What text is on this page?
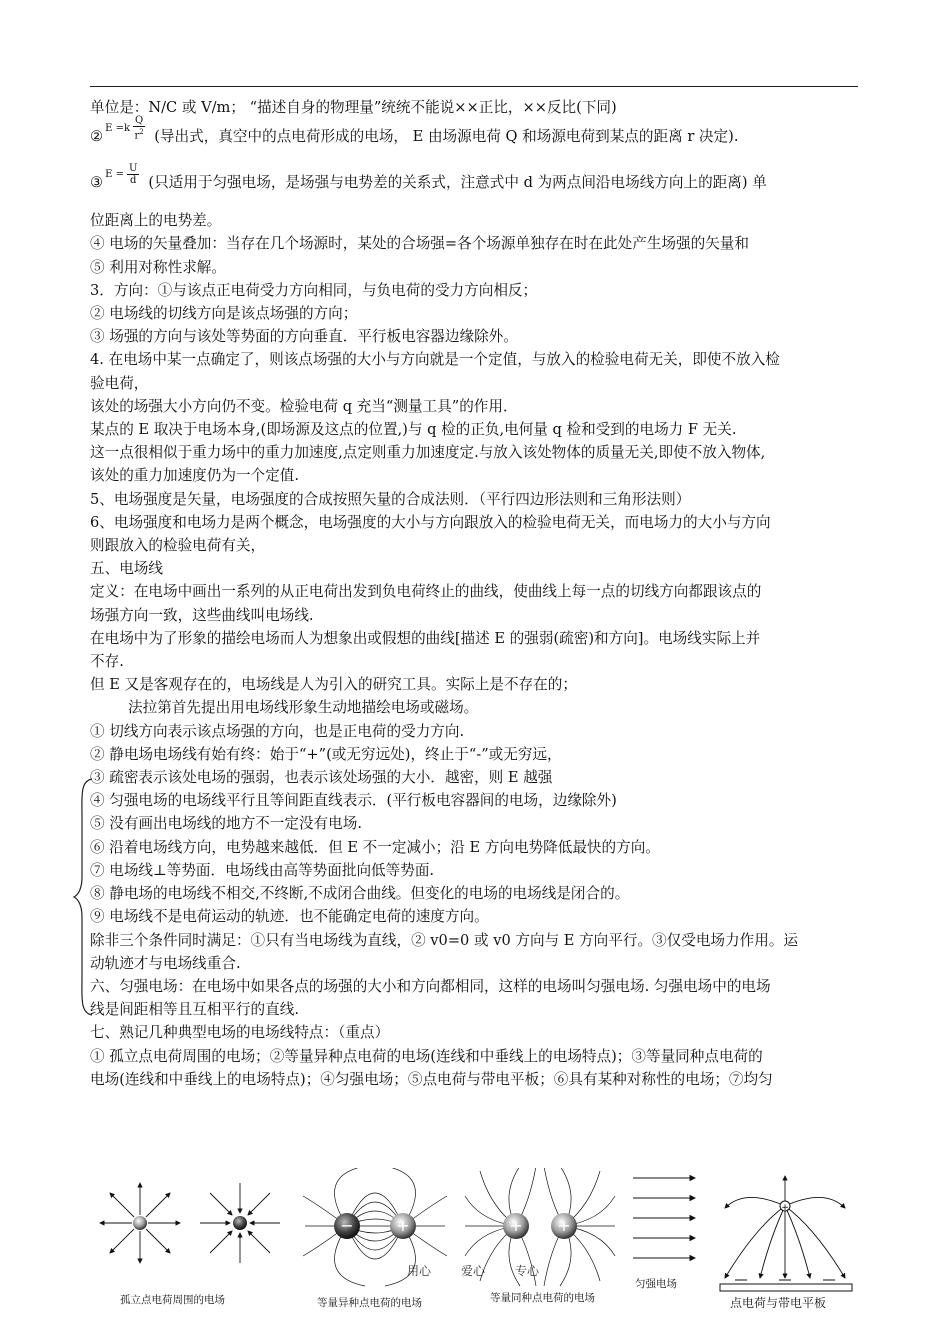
单位是：N/C 或 V/m； “描述自身的物理量”统统不能说××正比，××反比(下同)
② $E =k \frac{Q}{r^2}$ (导出式，真空中的点电荷形成的电场， E 由场源电荷 Q 和场源电荷到某点的距离 r 决定).
③ $E = \frac{U}{d}$ (只适用于匀强电场，是场强与电势差的关系式，注意式中 d 为两点间沿电场线方向上的距离) 单
位距离上的电势差。
④ 电场的矢量叠加：当存在几个场源时，某处的合场强=各个场源单独存在时在此处产生场强的矢量和
⑤ 利用对称性求解。
3．方向：①与该点正电荷受力方向相同，与负电荷的受力方向相反；
② 电场线的切线方向是该点场强的方向；
③ 场强的方向与该处等势面的方向垂直．平行板电容器边缘除外。
4. 在电场中某一点确定了，则该点场强的大小与方向就是一个定值，与放入的检验电荷无关，即使不放入检
验电荷，
该处的场强大小方向仍不变。检验电荷 q 充当“测量工具”的作用．
某点的 E 取决于电场本身,(即场源及这点的位置,)与 q 检的正负,电何量 q 检和受到的电场力 F 无关.
这一点很相似于重力场中的重力加速度,点定则重力加速度定.与放入该处物体的质量无关,即使不放入物体,
该处的重力加速度仍为一个定值.
5、电场强度是矢量，电场强度的合成按照矢量的合成法则．（平行四边形法则和三角形法则）
6、电场强度和电场力是两个概念，电场强度的大小与方向跟放入的检验电荷无关，而电场力的大小与方向
则跟放入的检验电荷有关，
五、电场线
定义：在电场中画出一系列的从正电荷出发到负电荷终止的曲线，使曲线上每一点的切线方向都跟该点的
场强方向一致，这些曲线叫电场线.
在电场中为了形象的描绘电场而人为想象出或假想的曲线[描述 E 的强弱(疏密)和方向]。电场线实际上并
不存.
但 E 又是客观存在的，电场线是人为引入的研究工具。实际上是不存在的；
法拉第首先提出用电场线形象生动地描绘电场或磁场。
① 切线方向表示该点场强的方向，也是正电荷的受力方向.
② 静电场电场线有始有终：始于“+”(或无穷远处)，终止于“-”或无穷远，
③ 疏密表示该处电场的强弱，也表示该处场强的大小．越密，则 E 越强
④ 匀强电场的电场线平行且等间距直线表示．(平行板电容器间的电场，边缘除外)
⑤ 没有画出电场线的地方不一定没有电场.
⑥ 沿着电场线方向，电势越来越低．但 E 不一定减小；沿 E 方向电势降低最快的方向。
⑦ 电场线⊥等势面．电场线由高等势面批向低等势面.
⑧ 静电场的电场线不相交,不终断,不成闭合曲线。但变化的电场的电场线是闭合的。
⑨ 电场线不是电荷运动的轨迹．也不能确定电荷的速度方向。
除非三个条件同时满足：①只有当电场线为直线，② v0=0 或 v0 方向与 E 方向平行。③仅受电场力作用。运
动轨迹才与电场线重合.
六、匀强电场：在电场中如果各点的场强的大小和方向都相同，这样的电场叫匀强电场. 匀强电场中的电场
线是间距相等且互相平行的直线.
七、熟记几种典型电场的电场线特点：（重点）
① 孤立点电荷周围的电场；②等量异种点电荷的电场(连线和中垂线上的电场特点)；③等量同种点电荷的
电场(连线和中垂线上的电场特点)；④匀强电场；⑤点电荷与带电平板；⑥具有某种对称性的电场；⑦均匀
−	+	+ +
+
孤立点电荷周围的电场	等量异种点电荷的电场	等量同种点电荷的电场
匀强电场
点电荷与带电平板
用心 爱心 专心
